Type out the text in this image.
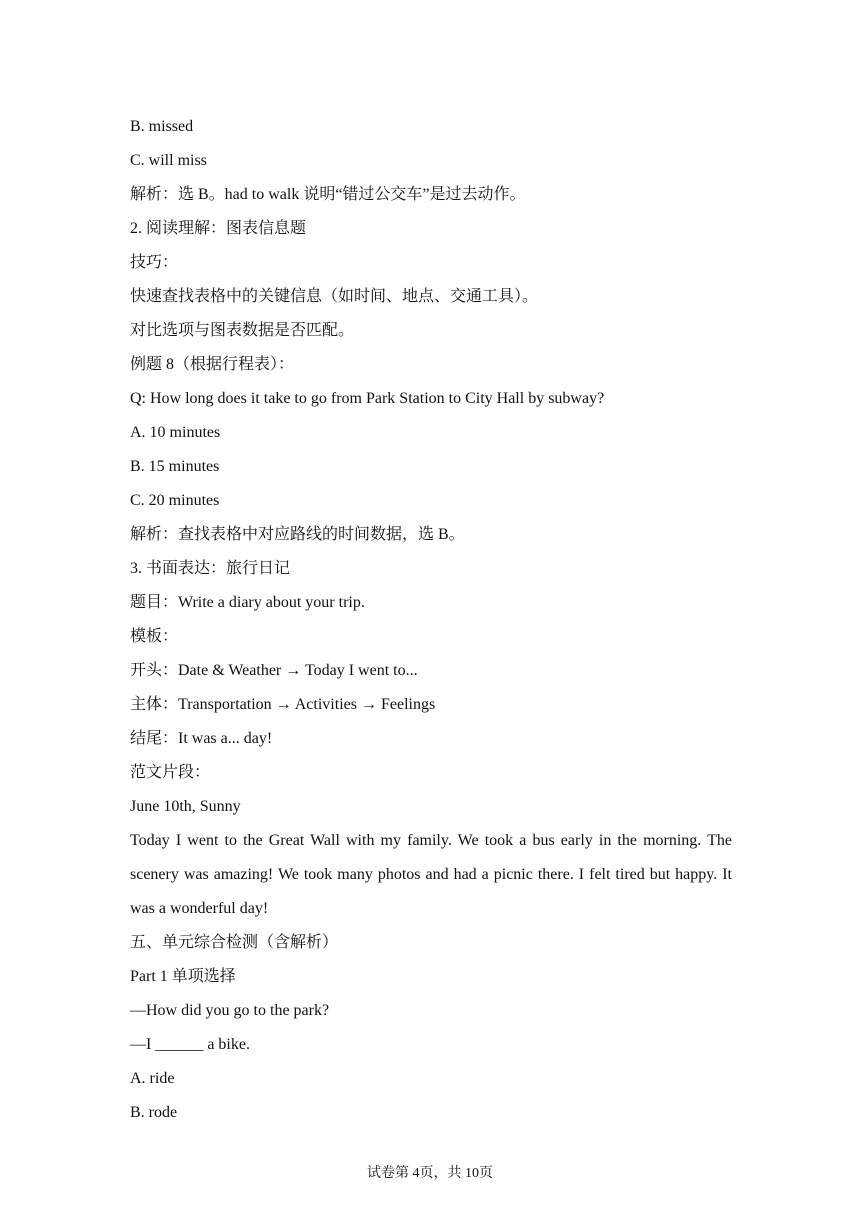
B. missed
C. will miss
解析：选 B。had to walk 说明“错过公交车”是过去动作。
2. 阅读理解：图表信息题
技巧：
快速查找表格中的关键信息（如时间、地点、交通工具）。
对比选项与图表数据是否匹配。
例题 8（根据行程表）：
Q: How long does it take to go from Park Station to City Hall by subway?
A. 10 minutes
B. 15 minutes
C. 20 minutes
解析：查找表格中对应路线的时间数据，选 B。
3. 书面表达：旅行日记
题目：Write a diary about your trip.
模板：
开头：Date & Weather → Today I went to...
主体：Transportation → Activities → Feelings
结尾：It was a... day!
范文片段：
June 10th, Sunny
Today I went to the Great Wall with my family. We took a bus early in the morning. The scenery was amazing! We took many photos and had a picnic there. I felt tired but happy. It was a wonderful day!
五、单元综合检测（含解析）
Part 1 单项选择
—How did you go to the park?
—I ______ a bike.
A. ride
B. rode
试卷第 4页，共 10页
